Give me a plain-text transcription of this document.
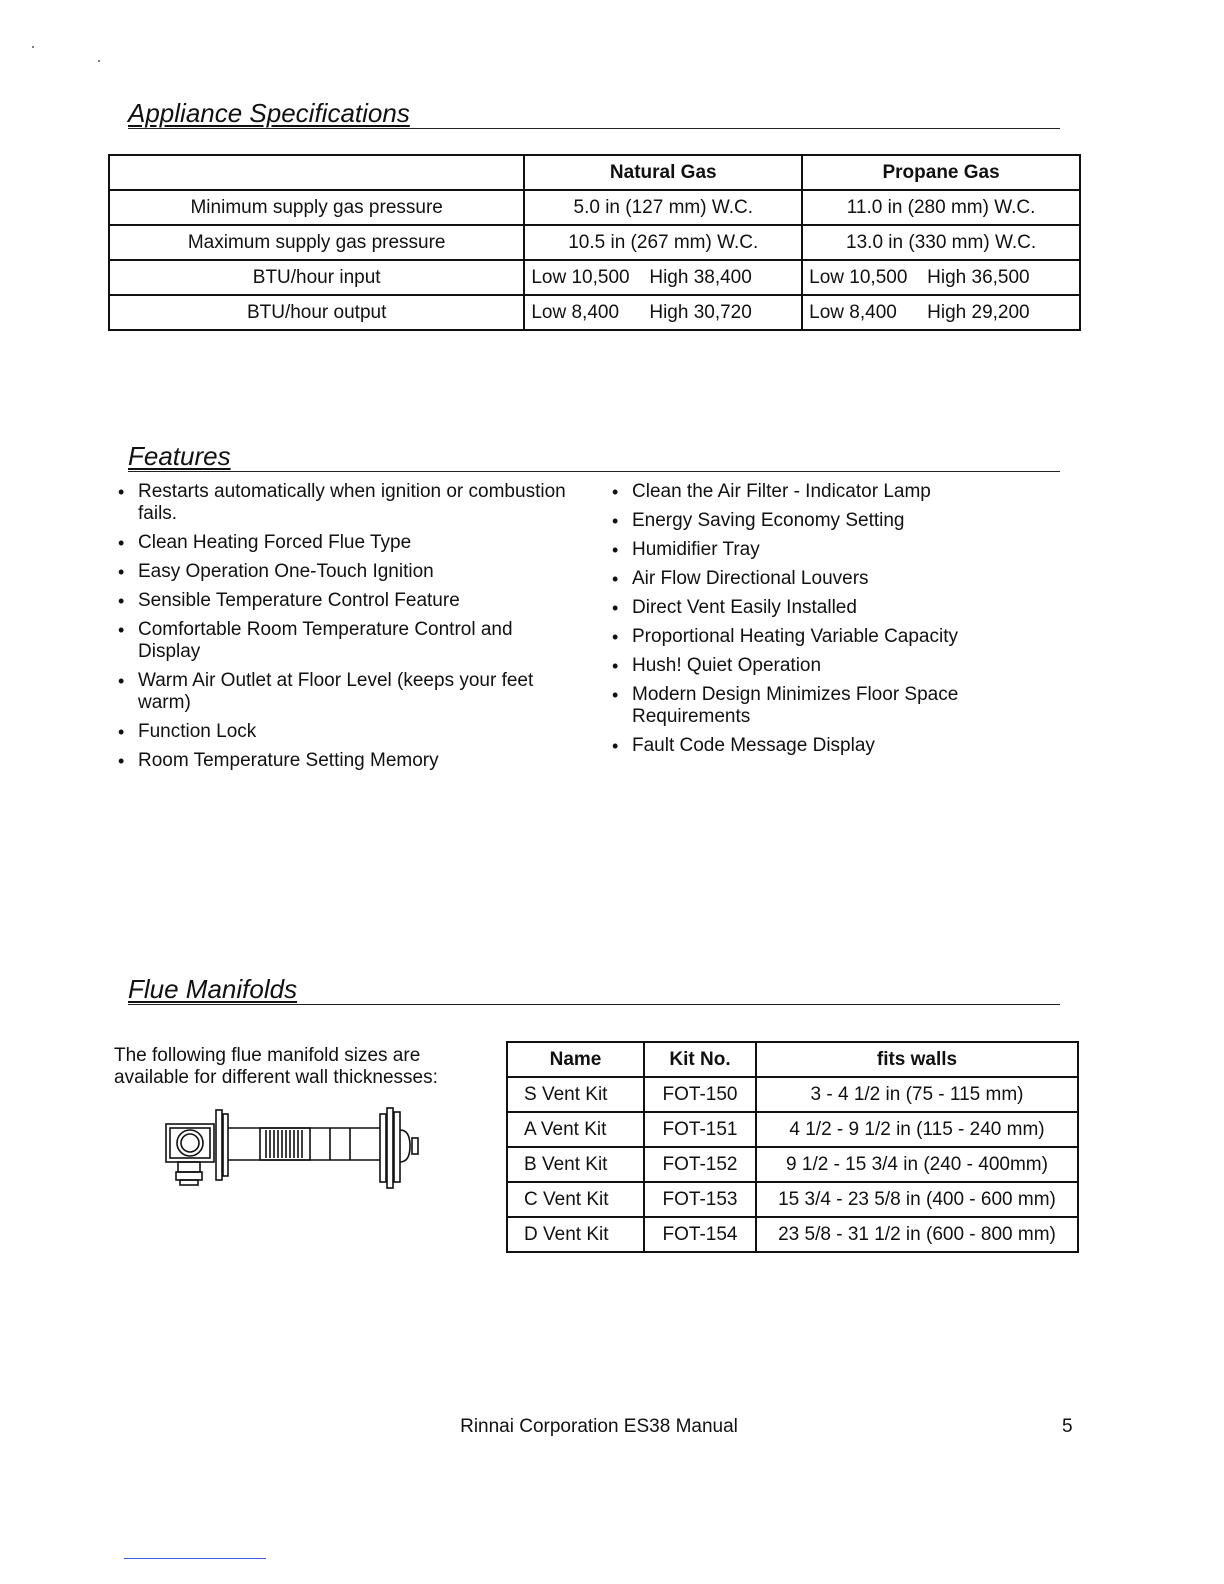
Appliance Specifications
	Natural Gas	Propane Gas
Minimum supply gas pressure	5.0 in (127 mm) W.C.	11.0 in (280 mm) W.C.
Maximum supply gas pressure	10.5 in (267 mm) W.C.	13.0 in (330 mm) W.C.
BTU/hour input	Low 10,500 High 38,400	Low 10,500 High 36,500

BTU/hour output	Low 8,400 High 30,720	Low 8,400 High 29,200
Features
• Restarts automatically when ignition or combustion fails.
• Clean Heating Forced Flue Type
• Easy Operation One-Touch Ignition
• Sensible Temperature Control Feature
• Comfortable Room Temperature Control and Display
• Warm Air Outlet at Floor Level (keeps your feet warm)
• Function Lock
• Room Temperature Setting Memory
• Clean the Air Filter - Indicator Lamp
• Energy Saving Economy Setting
• Humidifier Tray
• Air Flow Directional Louvers
• Direct Vent Easily Installed
• Proportional Heating Variable Capacity
• Hush! Quiet Operation
• Modern Design Minimizes Floor Space Requirements
• Fault Code Message Display
Flue Manifolds
The following flue manifold sizes are available for different wall thicknesses:
Name	Kit No.	fits walls
S Vent Kit	FOT-150	3 - 4 1/2 in (75 - 115 mm)
A Vent Kit	FOT-151	4 1/2 - 9 1/2 in (115 - 240 mm)
B Vent Kit	FOT-152	9 1/2 - 15 3/4 in (240 - 400mm)
C Vent Kit	FOT-153	15 3/4 - 23 5/8 in (400 - 600 mm)
D Vent Kit	FOT-154	23 5/8 - 31 1/2 in (600 - 800 mm)
Rinnai Corporation ES38 Manual	5
